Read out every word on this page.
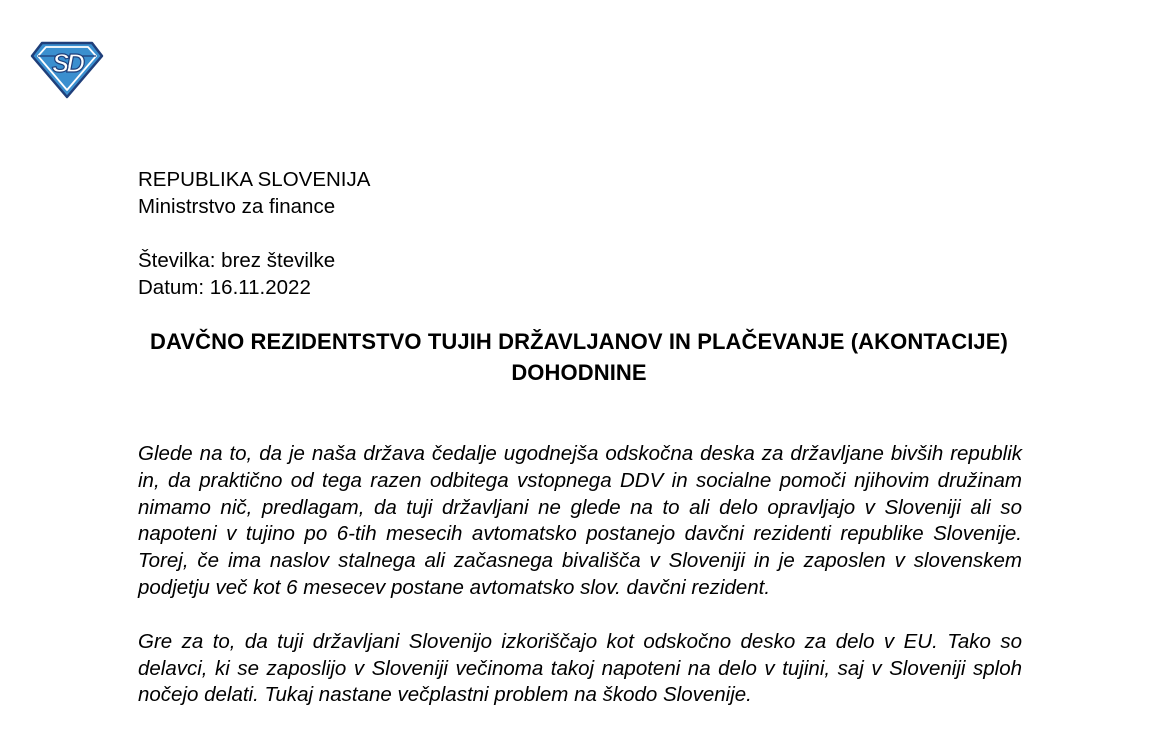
SD
REPUBLIKA SLOVENIJA
Ministrstvo za finance
Številka: brez številke
Datum: 16.11.2022
DAVČNO REZIDENTSTVO TUJIH DRŽAVLJANOV IN PLAČEVANJE (AKONTACIJE) DOHODNINE

Glede na to, da je naša država čedalje ugodnejša odskočna deska za državljane bivših republik in, da praktično od tega razen odbitega vstopnega DDV in socialne pomoči njihovim družinam nimamo nič, predlagam, da tuji državljani ne glede na to ali delo opravljajo v Sloveniji ali so napoteni v tujino po 6-tih mesecih avtomatsko postanejo davčni rezidenti republike Slovenije. Torej, če ima naslov stalnega ali začasnega bivališča v Sloveniji in je zaposlen v slovenskem podjetju več kot 6 mesecev postane avtomatsko slov. davčni rezident.

Gre za to, da tuji državljani Slovenijo izkoriščajo kot odskočno desko za delo v EU. Tako so delavci, ki se zaposlijo v Sloveniji večinoma takoj napoteni na delo v tujini, saj v Sloveniji sploh nočejo delati. Tukaj nastane večplastni problem na škodo Slovenije.
